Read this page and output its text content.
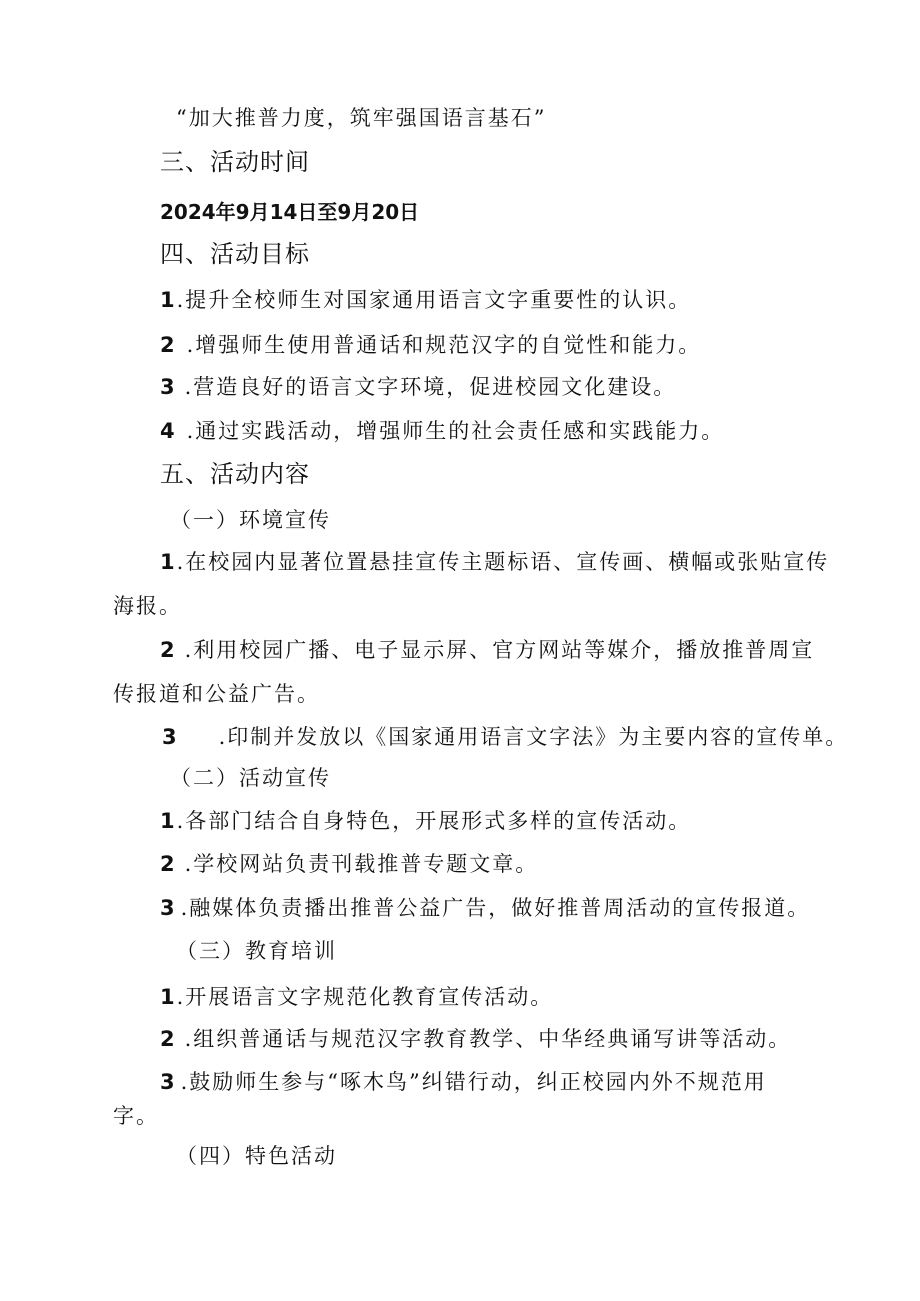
“加大推普力度，筑牢强国语言基石”
三、活动时间
2024年9月14日至9月20日
四、活动目标
1.提升全校师生对国家通用语言文字重要性的认识。
2 .增强师生使用普通话和规范汉字的自觉性和能力。
3 .营造良好的语言文字环境，促进校园文化建设。
4 .通过实践活动，增强师生的社会责任感和实践能力。
五、活动内容
（一）环境宣传
1.在校园内显著位置悬挂宣传主题标语、宣传画、横幅或张贴宣传
海报。
2 .利用校园广播、电子显示屏、官方网站等媒介，播放推普周宣
传报道和公益广告。
3 .印制并发放以《国家通用语言文字法》为主要内容的宣传单。
（二）活动宣传
1.各部门结合自身特色，开展形式多样的宣传活动。
2 .学校网站负责刊载推普专题文章。
3 .融媒体负责播出推普公益广告，做好推普周活动的宣传报道。
（三）教育培训
1.开展语言文字规范化教育宣传活动。
2 .组织普通话与规范汉字教育教学、中华经典诵写讲等活动。
3 .鼓励师生参与“啄木鸟”纠错行动，纠正校园内外不规范用
字。
（四）特色活动
